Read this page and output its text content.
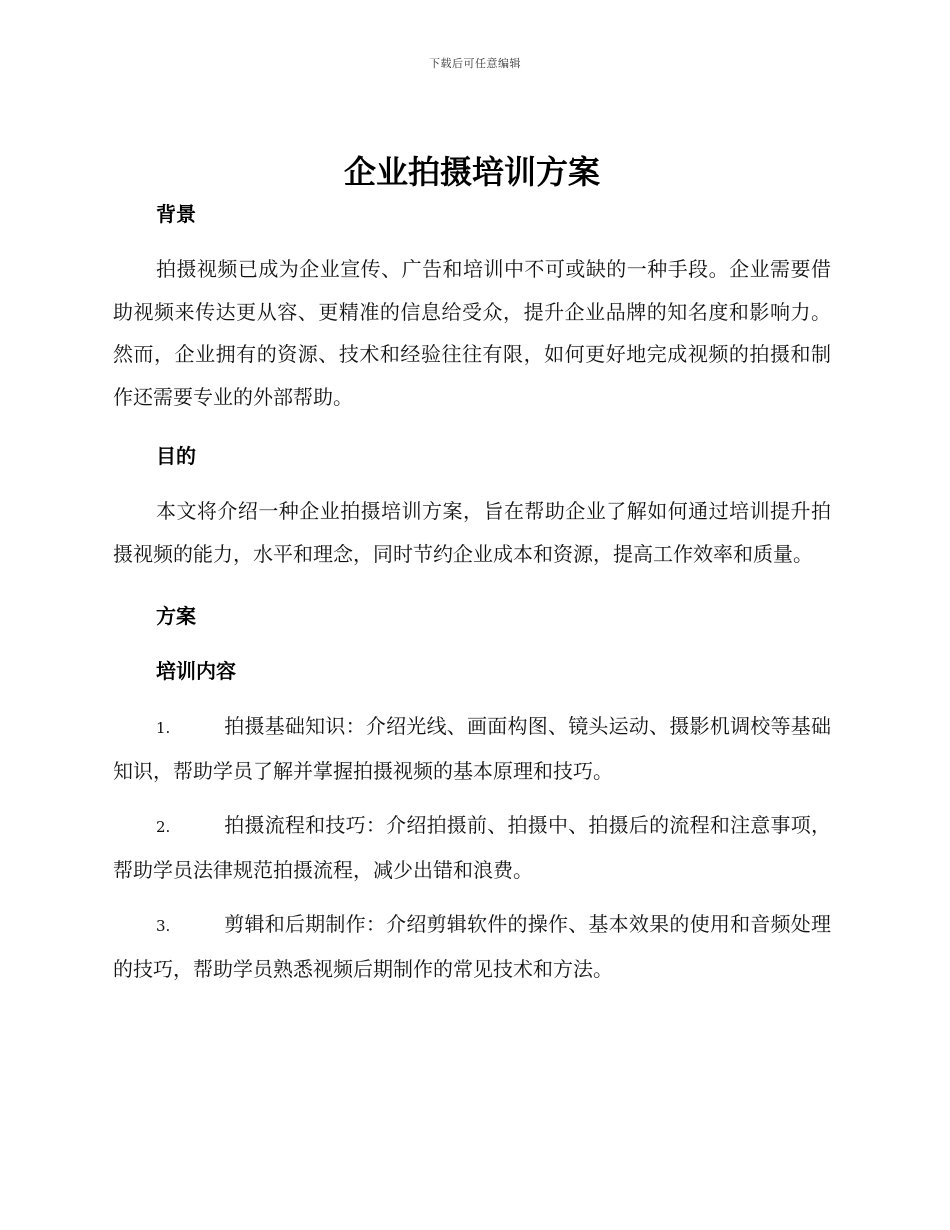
下载后可任意编辑
企业拍摄培训方案
背景

拍摄视频已成为企业宣传、广告和培训中不可或缺的一种手段。企业需要借助视频来传达更从容、更精准的信息给受众，提升企业品牌的知名度和影响力。然而，企业拥有的资源、技术和经验往往有限，如何更好地完成视频的拍摄和制作还需要专业的外部帮助。

目的

本文将介绍一种企业拍摄培训方案，旨在帮助企业了解如何通过培训提升拍摄视频的能力，水平和理念，同时节约企业成本和资源，提高工作效率和质量。

方案
培训内容

1.	拍摄基础知识：介绍光线、画面构图、镜头运动、摄影机调校等基础知识，帮助学员了解并掌握拍摄视频的基本原理和技巧。

2.	拍摄流程和技巧：介绍拍摄前、拍摄中、拍摄后的流程和注意事项，帮助学员法律规范拍摄流程，减少出错和浪费。

3.	剪辑和后期制作：介绍剪辑软件的操作、基本效果的使用和音频处理的技巧，帮助学员熟悉视频后期制作的常见技术和方法。
